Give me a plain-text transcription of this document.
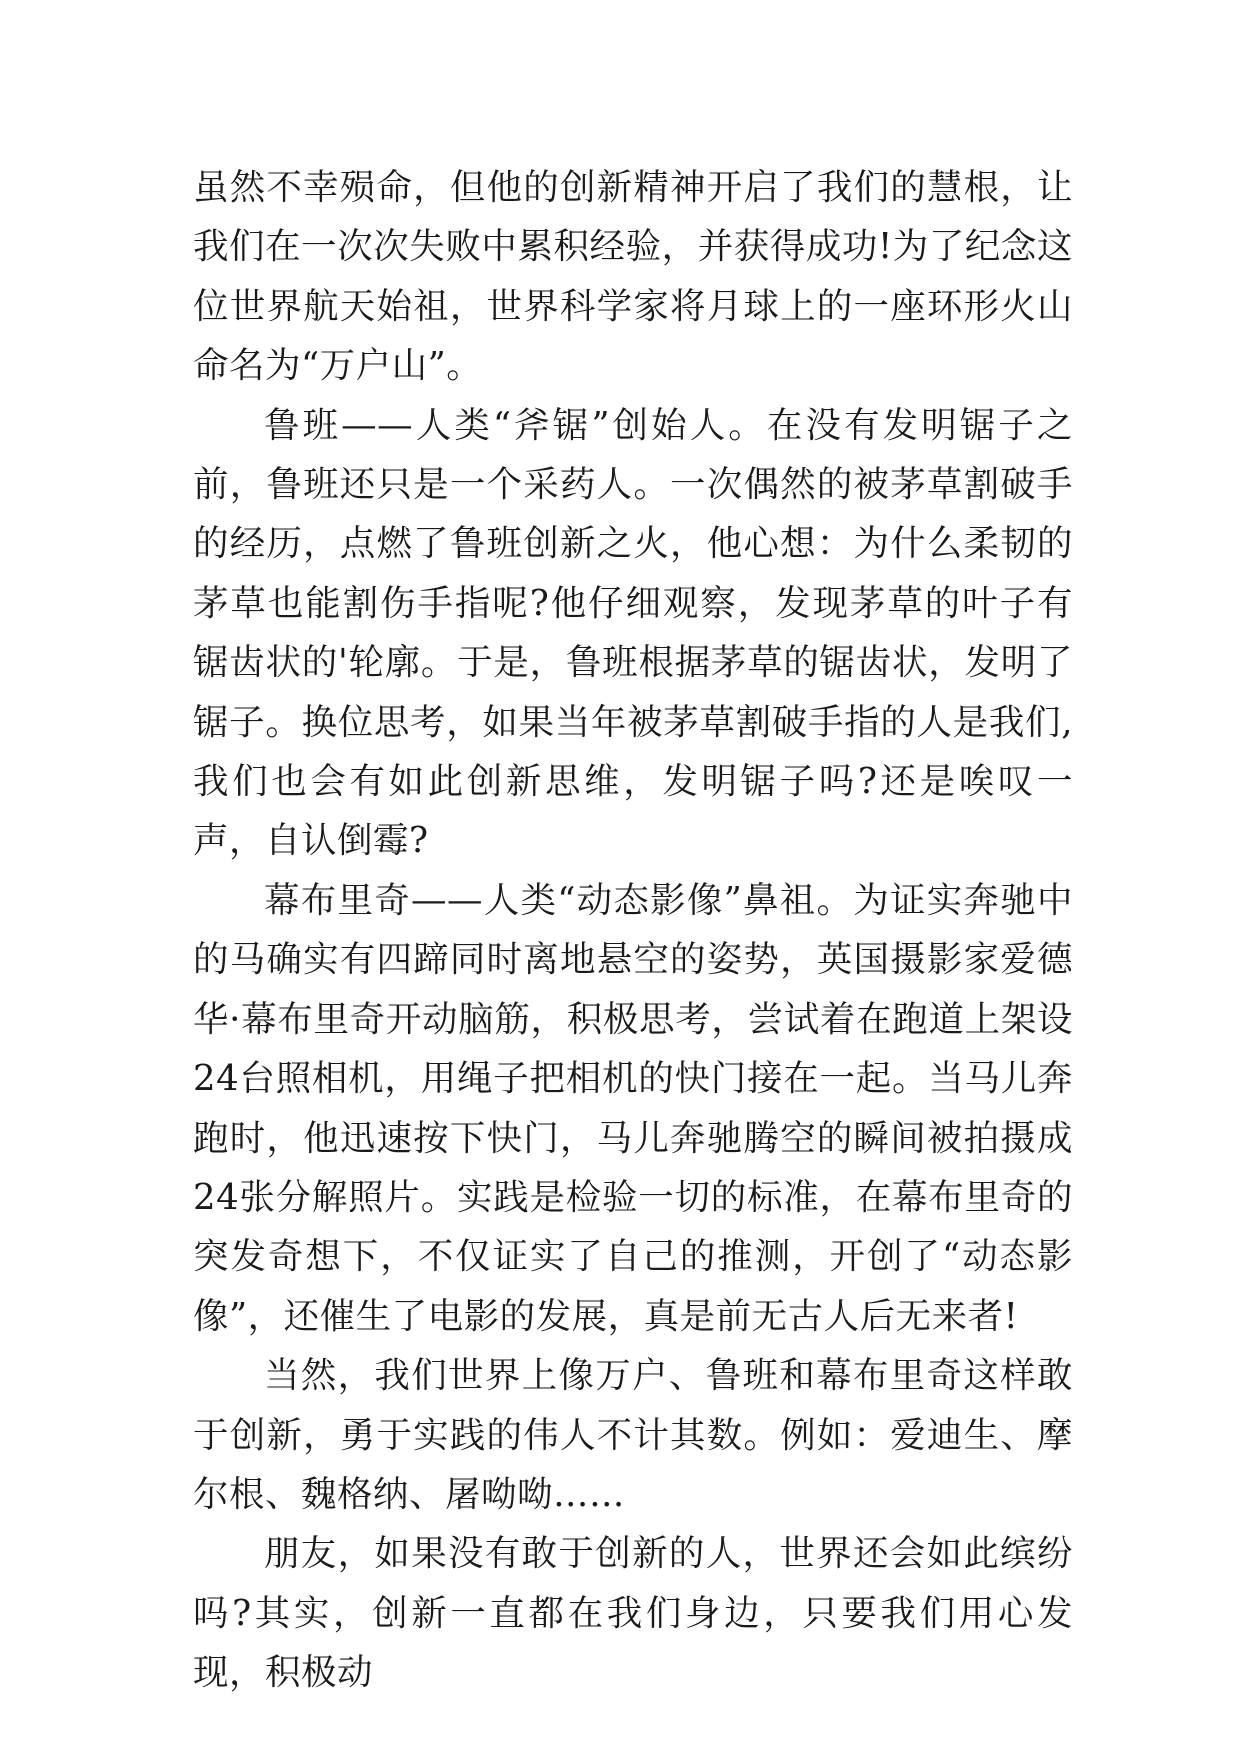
虽然不幸殒命，但他的创新精神开启了我们的慧根，让我们在一次次失败中累积经验，并获得成功!为了纪念这位世界航天始祖，世界科学家将月球上的一座环形火山命名为“万户山”。

鲁班——人类“斧锯”创始人。在没有发明锯子之前，鲁班还只是一个采药人。一次偶然的被茅草割破手的经历，点燃了鲁班创新之火，他心想：为什么柔韧的茅草也能割伤手指呢?他仔细观察，发现茅草的叶子有锯齿状的'轮廓。于是，鲁班根据茅草的锯齿状，发明了锯子。换位思考，如果当年被茅草割破手指的人是我们,我们也会有如此创新思维，发明锯子吗?还是唉叹一声，自认倒霉?

幕布里奇——人类“动态影像”鼻祖。为证实奔驰中的马确实有四蹄同时离地悬空的姿势，英国摄影家爱德华·幕布里奇开动脑筋，积极思考，尝试着在跑道上架设24台照相机，用绳子把相机的快门接在一起。当马儿奔跑时，他迅速按下快门，马儿奔驰腾空的瞬间被拍摄成24张分解照片。实践是检验一切的标准，在幕布里奇的突发奇想下，不仅证实了自己的推测，开创了“动态影像”，还催生了电影的发展，真是前无古人后无来者!

当然，我们世界上像万户、鲁班和幕布里奇这样敢于创新，勇于实践的伟人不计其数。例如：爱迪生、摩尔根、魏格纳、屠呦呦……

朋友，如果没有敢于创新的人，世界还会如此缤纷吗?其实，创新一直都在我们身边，只要我们用心发现，积极动
